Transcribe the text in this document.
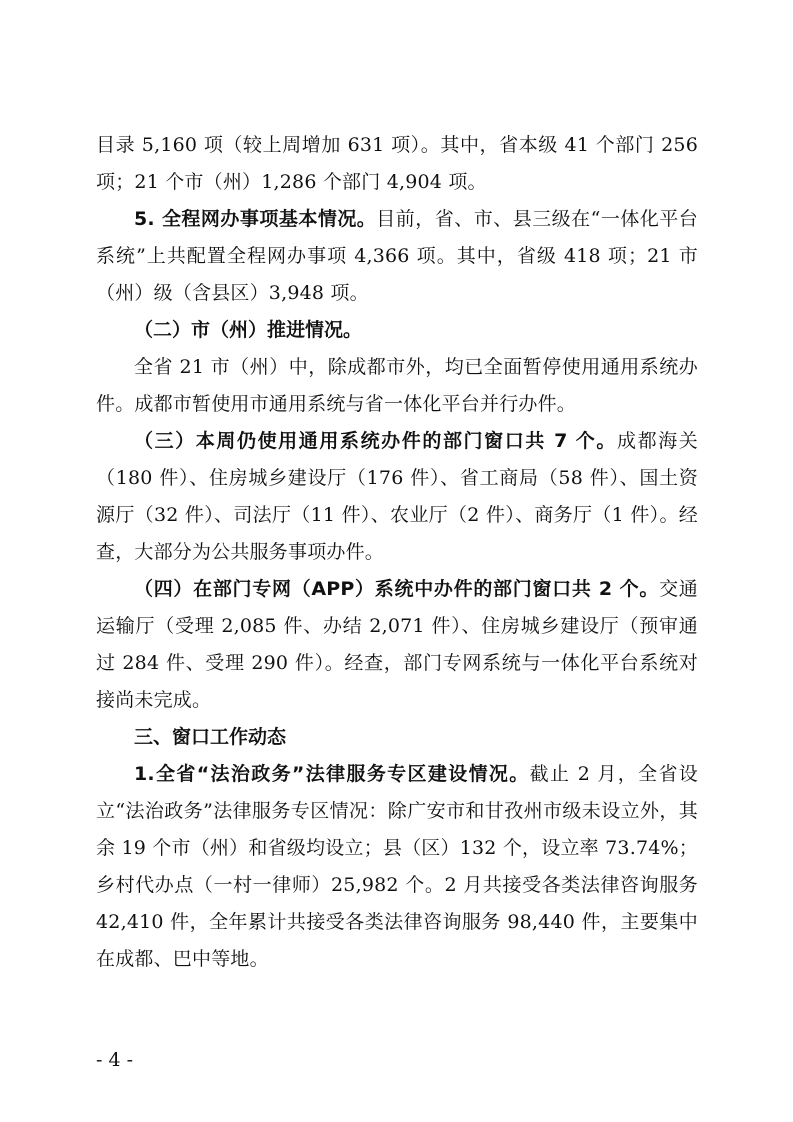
目录 5,160 项（较上周增加 631 项）。其中，省本级 41 个部门 256 项；21 个市（州）1,286 个部门 4,904 项。

5. 全程网办事项基本情况。目前，省、市、县三级在“一体化平台系统”上共配置全程网办事项 4,366 项。其中，省级 418 项；21 市（州）级（含县区）3,948 项。

（二）市（州）推进情况。

全省 21 市（州）中，除成都市外，均已全面暂停使用通用系统办件。成都市暂使用市通用系统与省一体化平台并行办件。

（三）本周仍使用通用系统办件的部门窗口共 7 个。成都海关（180 件）、住房城乡建设厅（176 件）、省工商局（58 件）、国土资源厅（32 件）、司法厅（11 件）、农业厅（2 件）、商务厅（1 件）。经查，大部分为公共服务事项办件。

（四）在部门专网（APP）系统中办件的部门窗口共 2 个。交通运输厅（受理 2,085 件、办结 2,071 件）、住房城乡建设厅（预审通过 284 件、受理 290 件）。经查，部门专网系统与一体化平台系统对接尚未完成。

三、窗口工作动态

1.全省“法治政务”法律服务专区建设情况。截止 2 月，全省设立“法治政务”法律服务专区情况：除广安市和甘孜州市级未设立外，其余 19 个市（州）和省级均设立；县（区）132 个，设立率 73.74%；乡村代办点（一村一律师）25,982 个。2 月共接受各类法律咨询服务 42,410 件，全年累计共接受各类法律咨询服务 98,440 件，主要集中在成都、巴中等地。

- 4 -
